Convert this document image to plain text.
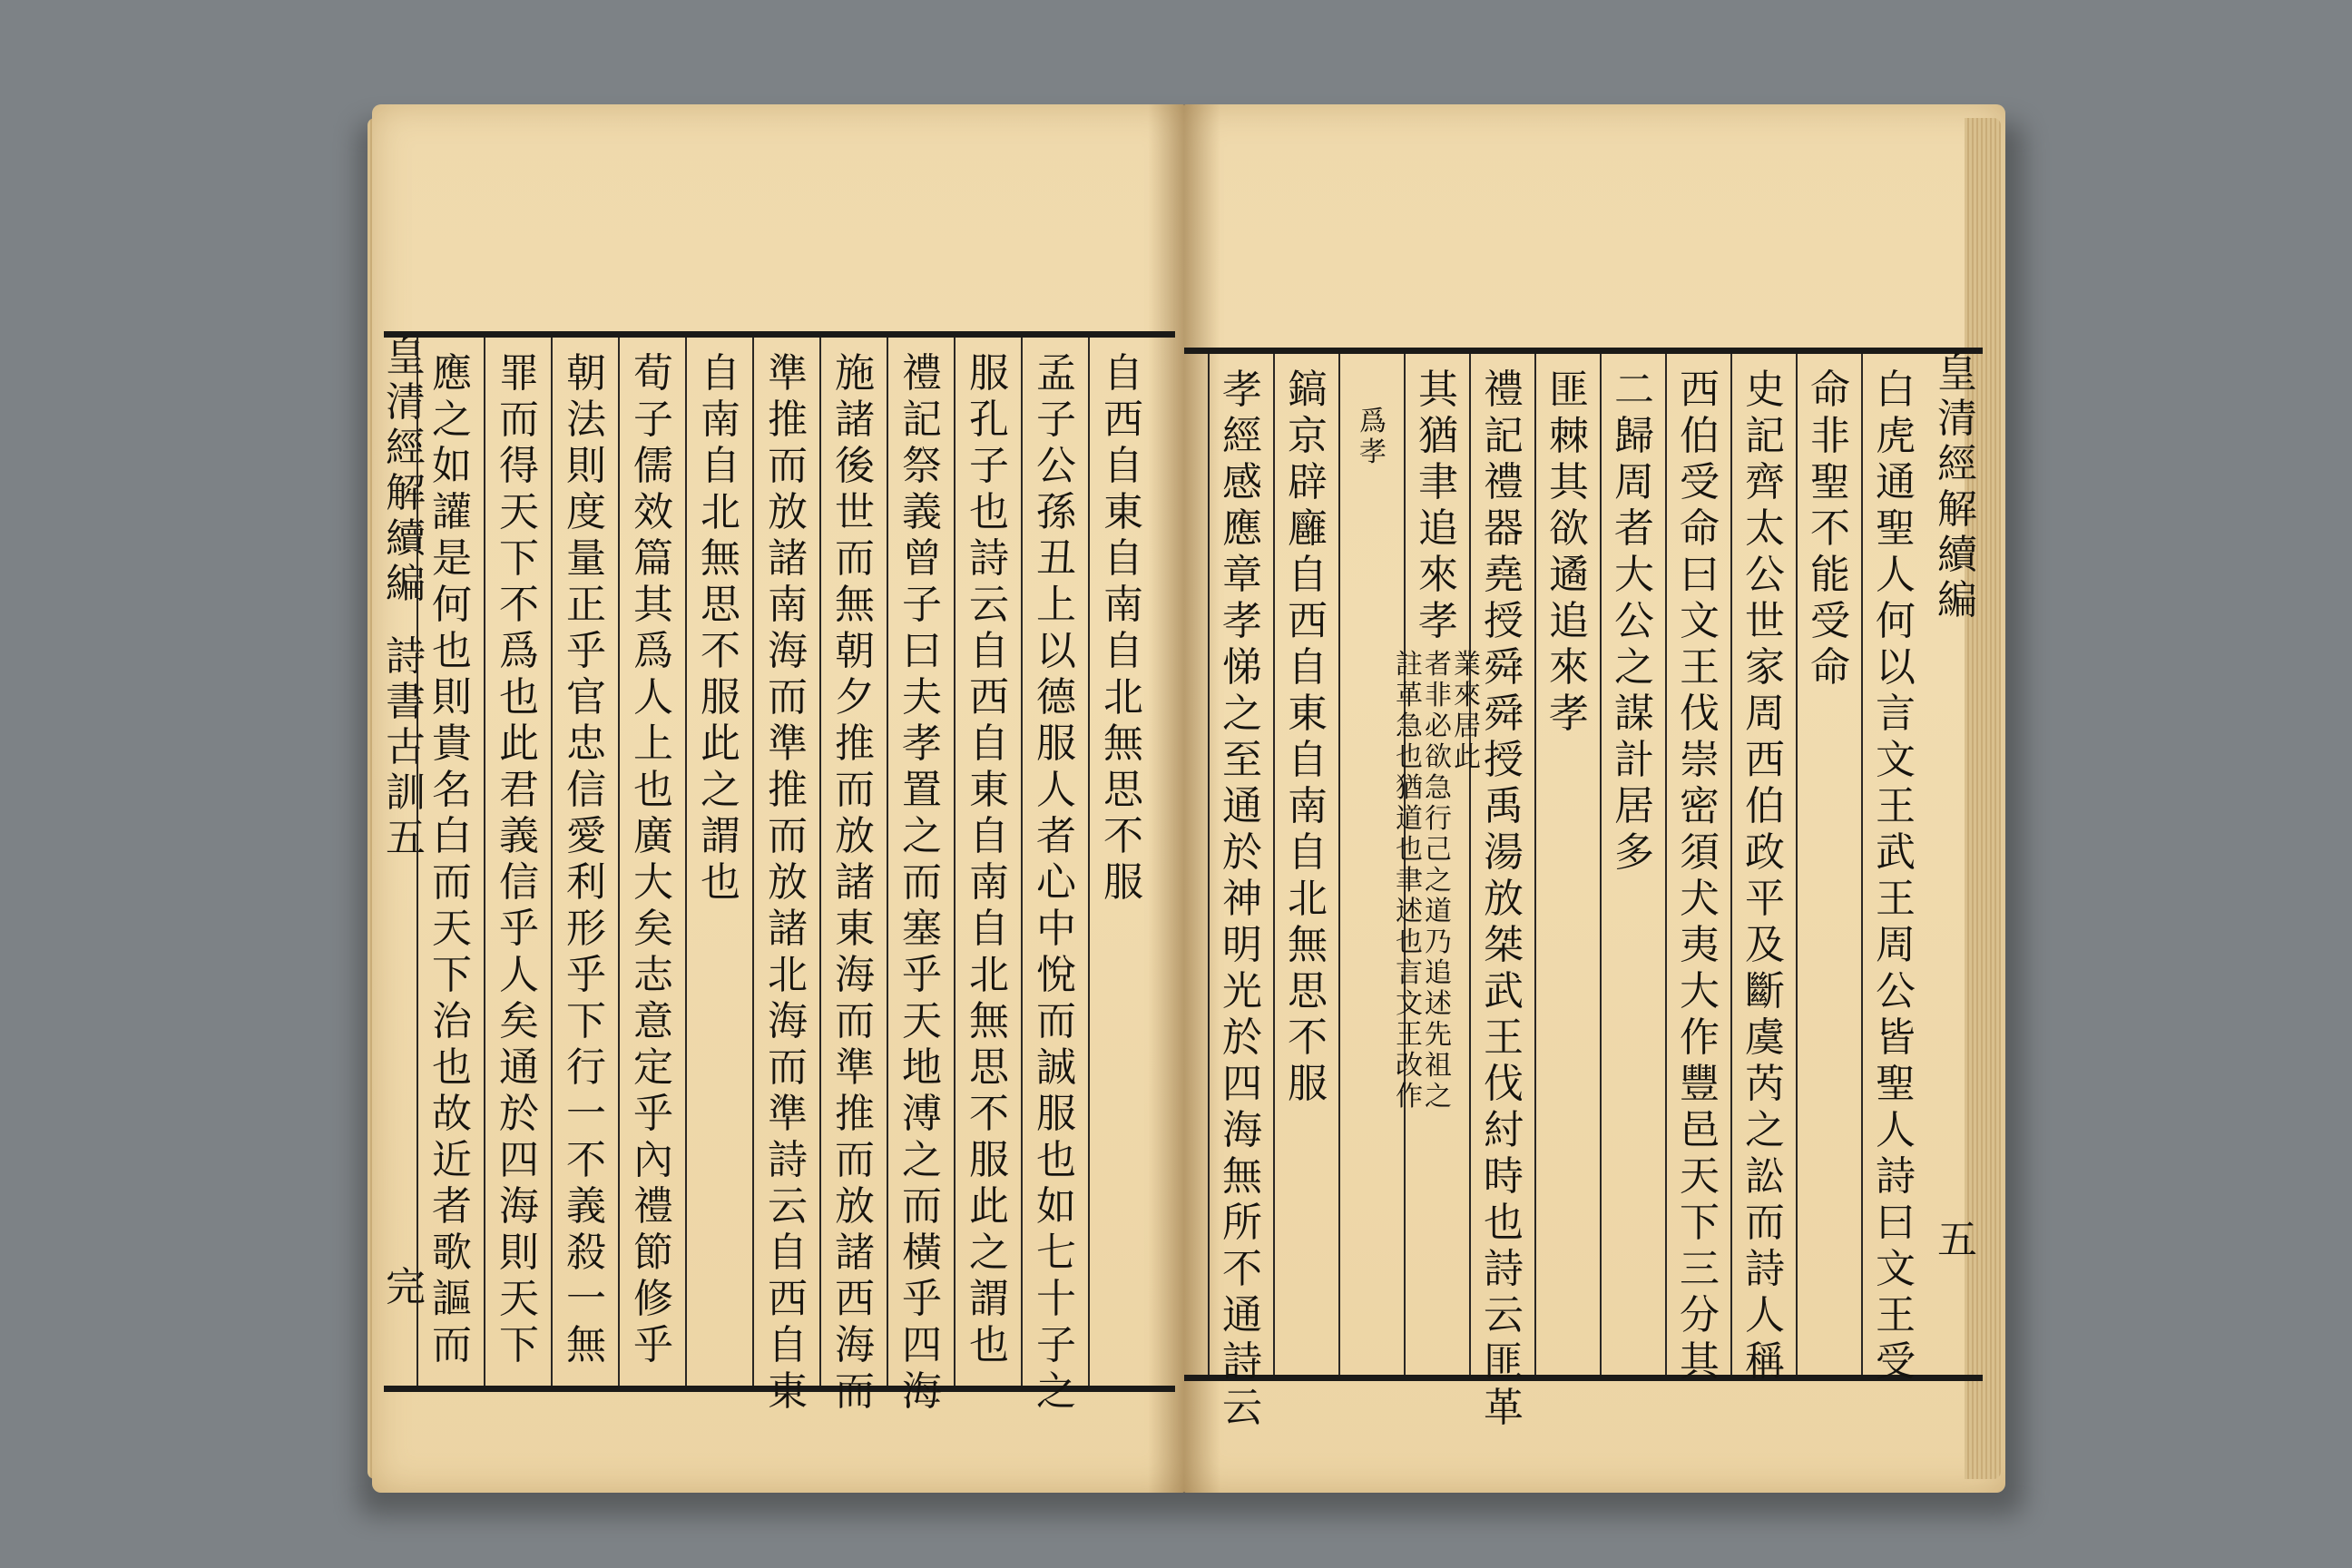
皇
清
經
解
續
編
詩
書
古
訓
五
完
自
西
自
東
自
南
自
北
無
思
不
服
孟
子
公
孫
丑
上
以
德
服
人
者
心
中
悅
而
誠
服
也
如
七
十
子
之
服
孔
子
也
詩
云
自
西
自
東
自
南
自
北
無
思
不
服
此
之
謂
也
禮
記
祭
義
曾
子
曰
夫
孝
置
之
而
塞
乎
天
地
溥
之
而
橫
乎
四
海
施
諸
後
世
而
無
朝
夕
推
而
放
諸
東
海
而
準
推
而
放
諸
西
海
而
準
推
而
放
諸
南
海
而
準
推
而
放
諸
北
海
而
準
詩
云
自
西
自
東
自
南
自
北
無
思
不
服
此
之
謂
也
荀
子
儒
效
篇
其
爲
人
上
也
廣
大
矣
志
意
定
乎
內
禮
節
修
乎
朝
法
則
度
量
正
乎
官
忠
信
愛
利
形
乎
下
行
一
不
義
殺
一
無
罪
而
得
天
下
不
爲
也
此
君
義
信
乎
人
矣
通
於
四
海
則
天
下
應
之
如
讙
是
何
也
則
貴
名
白
而
天
下
治
也
故
近
者
歌
謳
而
白
虎
通
聖
人
何
以
言
文
王
武
王
周
公
皆
聖
人
詩
曰
文
王
受
命
非
聖
不
能
受
命
史
記
齊
太
公
世
家
周
西
伯
政
平
及
斷
虞
芮
之
訟
而
詩
人
稱
西
伯
受
命
曰
文
王
伐
崇
密
須
犬
夷
大
作
豐
邑
天
下
三
分
其
二
歸
周
者
大
公
之
謀
計
居
多
匪
棘
其
欲
遹
追
來
孝
禮
記
禮
器
堯
授
舜
舜
授
禹
湯
放
桀
武
王
伐
紂
時
也
詩
云
匪
革
其
猶
聿
追
來
孝
註
革
急
也
猶
道
也
聿
述
也
言
文
王
改
作
者
非
必
欲
急
行
己
之
道
乃
追
述
先
祖
之
業
來
居
此
爲
孝
鎬
京
辟
廱
自
西
自
東
自
南
自
北
無
思
不
服
孝
經
感
應
章
孝
悌
之
至
通
於
神
明
光
於
四
海
無
所
不
通
詩
云
皇
清
經
解
續
編
五
